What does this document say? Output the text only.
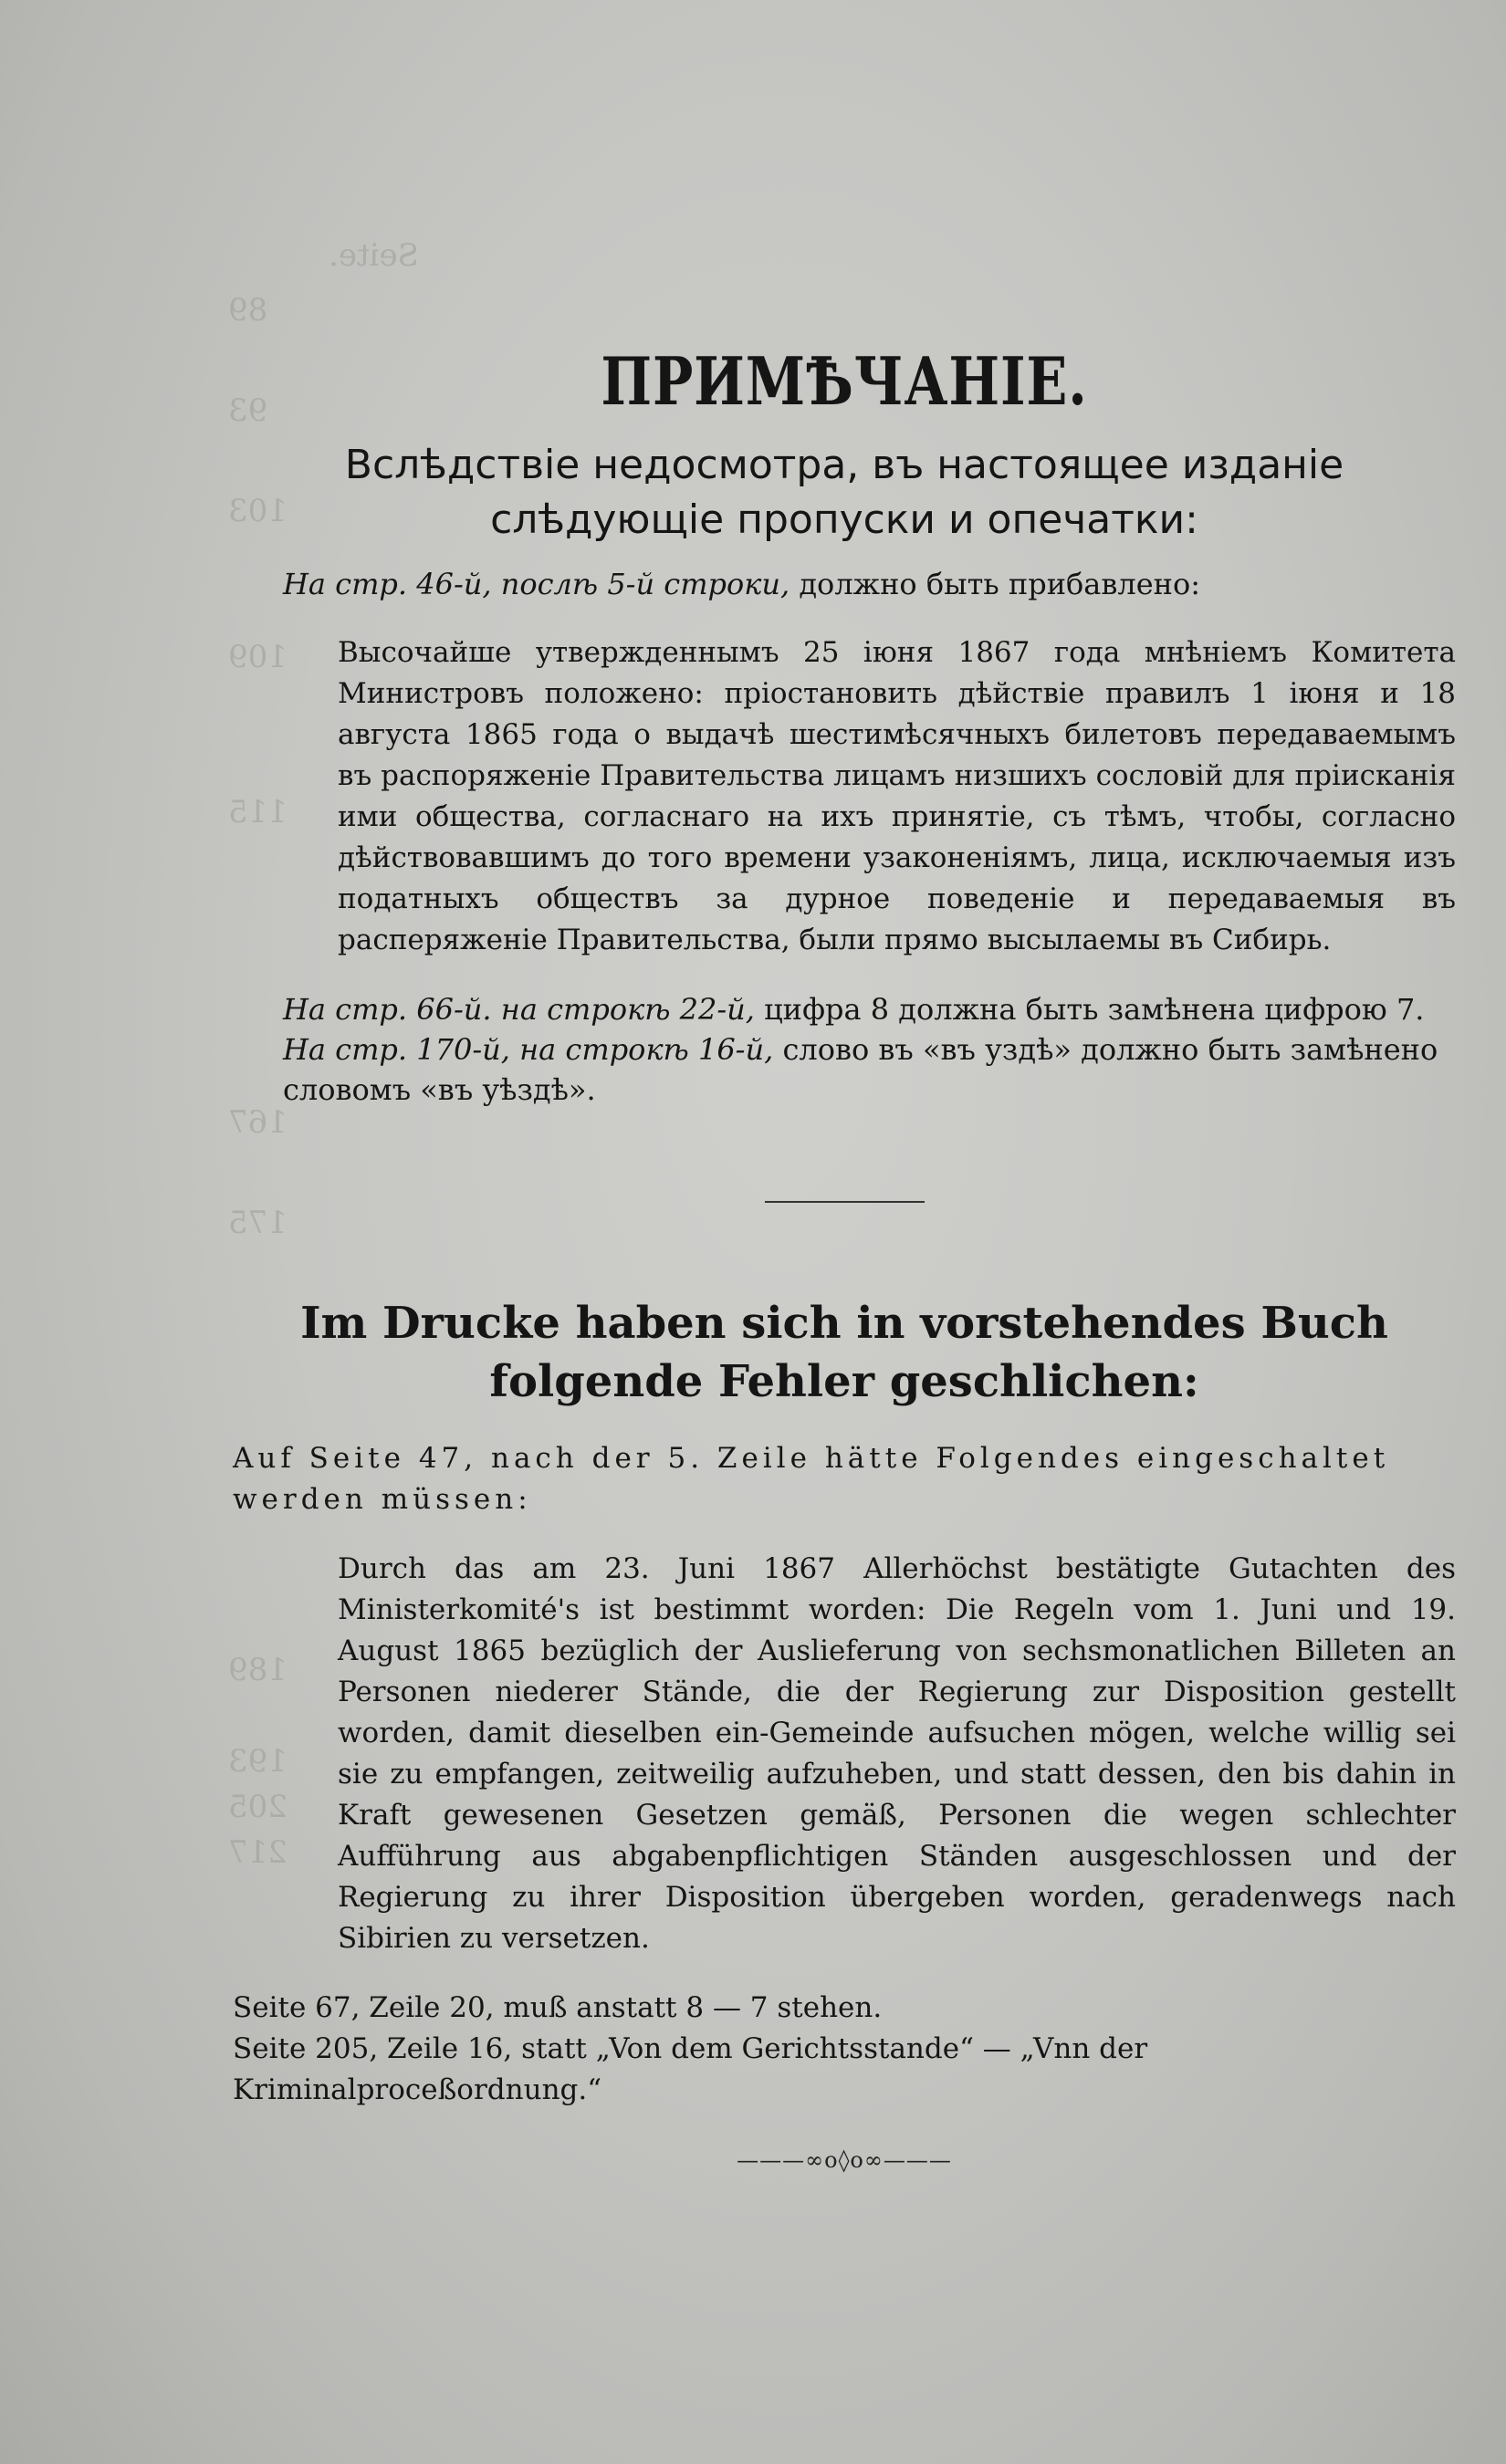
Seite.
89
93
103
109
115
167
175
189
193
205
217
ПРИМѢЧАНІЕ.

Вслѣдствіе недосмотра, въ настоящее изданіе слѣдующіе пропуски и опечатки:

На стр. 46-й, послѣ 5-й строки, должно быть прибавлено:

Высочайше утвержденнымъ 25 іюня 1867 года мнѣніемъ Комитета Министровъ положено: пріостановить дѣйствіе прaвилъ 1 іюня и 18 августа 1865 года о выдачѣ шестимѣсячныхъ билетовъ передаваемымъ въ распоряженіе Правительства лицамъ низшихъ сословій для пріисканія ими общества, согласнаго на ихъ принятіе, съ тѣмъ, чтобы, согласно дѣйствовавшимъ до того времени узаконеніямъ, лица, исключаемыя изъ податныхъ обществъ за дурное поведеніе и передаваемыя въ расперяженіе Правительства, были прямо высылаемы въ Сибирь.

На стр. 66-й. на строкѣ 22-й, цифра 8 должна быть замѣнена цифрою 7.

На стр. 170-й, на строкѣ 16-й, слово въ «въ уздѣ» должно быть замѣнено словомъ «въ уѣздѣ».

Im Drucke haben sich in vorstehendes Buch folgende Fehler geschlichen:

Auf Seite 47, nach der 5. Zeile hätte Folgendes eingeschaltet werden müssen:

Durch das am 23. Juni 1867 Allerhöchst bestätigte Gutachten des Ministerkomité's ist bestimmt worden: Die Regeln vom 1. Juni und 19. August 1865 bezüglich der Auslieferung von sechsmonatlichen Billeten an Personen niederer Stände, die der Regierung zur Disposition gestellt worden, damit dieselben ein-Gemeinde aufsuchen mögen, welche willig sei sie zu empfangen, zeitweilig aufzuheben, und statt dessen, den bis dahin in Kraft gewesenen Gesetzen gemäß, Personen die wegen schlechter Aufführung aus abgabenpflichtigen Ständen ausgeschlossen und der Regierung zu ihrer Disposition übergeben worden, geradenwegs nach Sibirien zu versetzen.

Seite 67, Zeile 20, muß anstatt 8 — 7 stehen.

Seite 205, Zeile 16, statt „Von dem Gerichtsstande“ — „Vnn der Kriminalproceßordnung.“

———∞o◊o∞———
